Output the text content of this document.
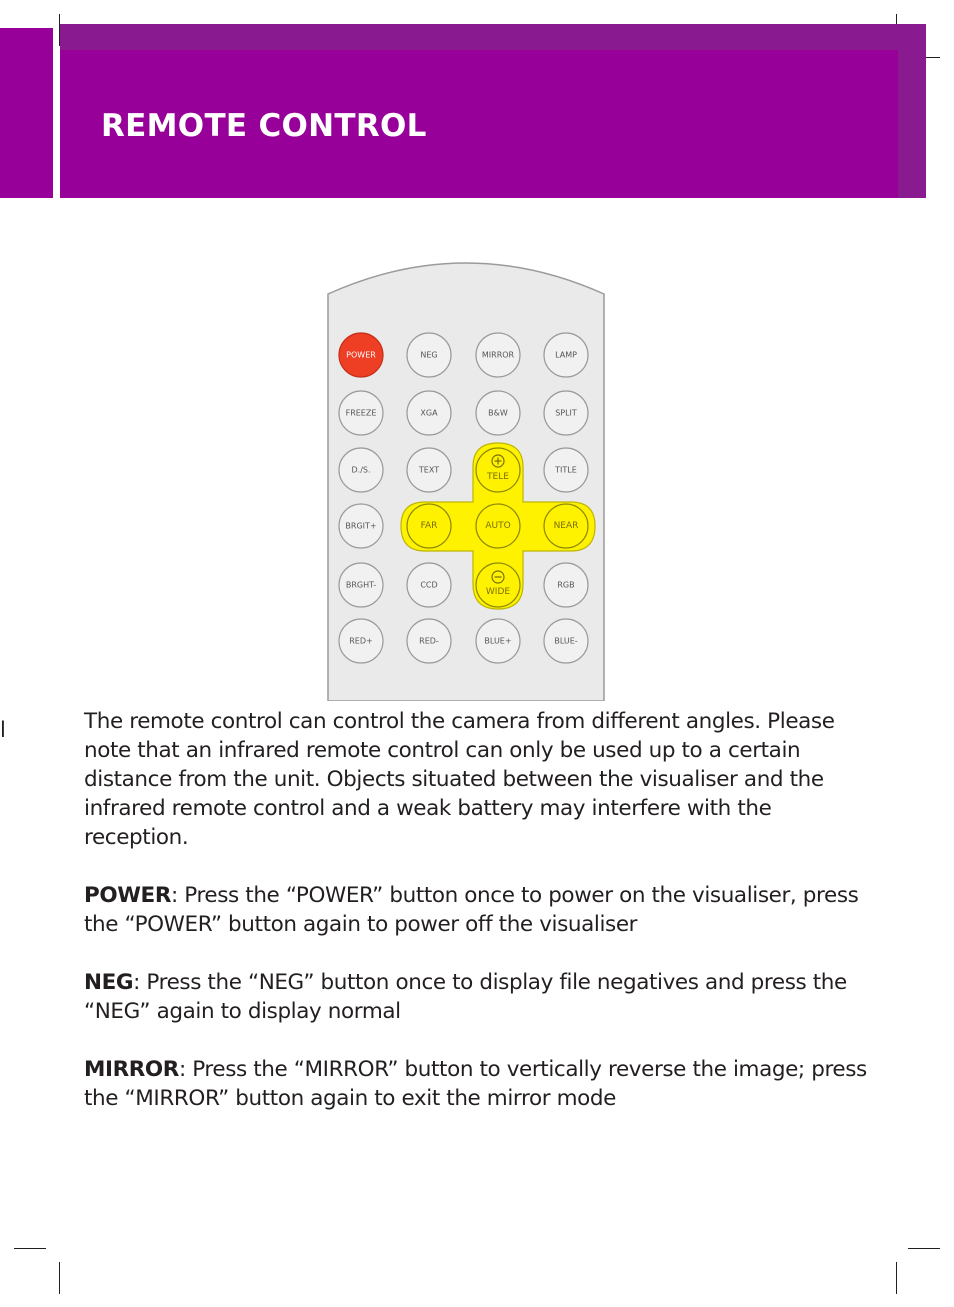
REMOTE CONTROL
POWER	NEG	MIRROR	LAMP
FREEZE	XGA	B&W	SPLIT
D./S.	TEXT
TELE
TITLE
BRGIT+	FAR	AUTO	NEAR
BRGHT-	CCD
WIDE
RGB
RED+	RED-	BLUE+	BLUE-
l	The remote control can control the camera from different angles. Please note that an infrared remote control can only be used up to a certain distance from the unit. Objects situated between the visualiser and the infrared remote control and a weak battery may interfere with the reception.

POWER: Press the “POWER” button once to power on the visualiser, press the “POWER” button again to power off the visualiser

NEG: Press the “NEG” button once to display file negatives and press the “NEG” again to display normal

MIRROR: Press the “MIRROR” button to vertically reverse the image; press the “MIRROR” button again to exit the mirror mode
